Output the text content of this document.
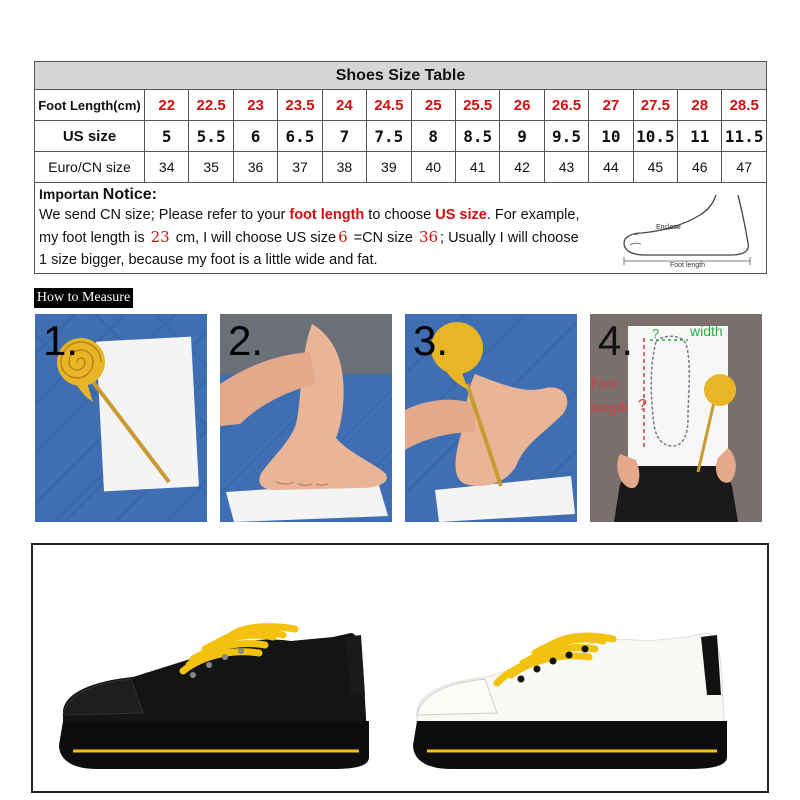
Shoes Size Table
Foot Length(cm)	22	22.5	23	23.5	24	24.5	25	25.5	26	26.5	27	27.5	28	28.5
US size	5	5.5	6	6.5	7	7.5	8	8.5	9	9.5	10 10.5 11 11.5
Euro/CN size	34	35	36	37	38	39	40	41	42	43	44	45	46	47
Importan Notice:
We send CN size; Please refer to your foot length to choose US size. For example,
my foot length is 23 cm, I will choose US size 6 =CN size 36 ; Usually I will choose
1 size bigger, because my foot is a little wide and fat.
Enclose
Foot length
How to Measure
1.	2.	3.	? width
Foot
length ?
4.
